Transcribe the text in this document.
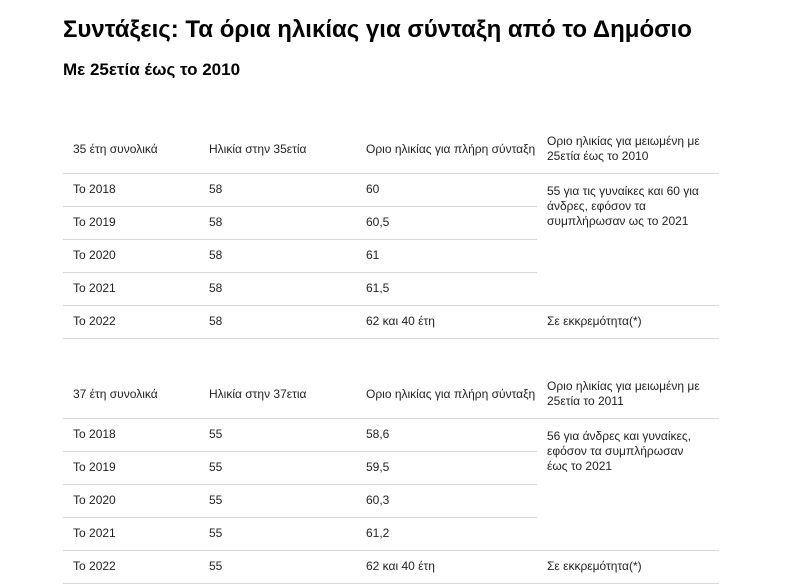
Συντάξεις: Τα όρια ηλικίας για σύνταξη από το Δημόσιο
Με 25ετία έως το 2010
35 έτη συνολικά	Ηλικία στην 35ετία	Οριο ηλικίας για πλήρη σύνταξη	Οριο ηλικίας για μειωμένη με 25ετία έως το 2010
Το 2018	58	60	55 για τις γυναίκες και 60 για άνδρες, εφόσον τα συμπλήρωσαν ως το 2021
Το 2019	58	60,5	
Το 2020	58	61	
Το 2021	58	61,5	
Το 2022	58	62 και 40 έτη	Σε εκκρεμότητα(*)
37 έτη συνολικά	Ηλικία στην 37ετια	Οριο ηλικίας για πλήρη σύνταξη	Οριο ηλικίας για μειωμένη με 25ετία το 2011
Το 2018	55	58,6	56 για άνδρες και γυναίκες, εφόσον τα συμπλήρωσαν έως το 2021
Το 2019	55	59,5	
Το 2020	55	60,3	
Το 2021	55	61,2	
Το 2022	55	62 και 40 έτη	Σε εκκρεμότητα(*)
